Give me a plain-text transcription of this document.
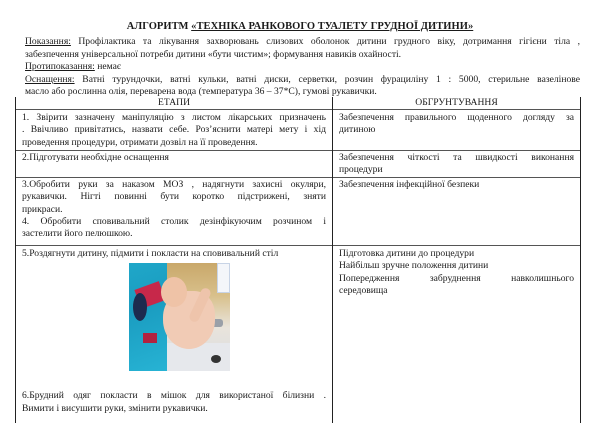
АЛГОРИТМ «ТЕХНІКА РАНКОВОГО ТУАЛЕТУ ГРУДНОЇ ДИТИНИ»
Показання: Профілактика та лікування захворювань слизових оболонок дитини грудного віку, дотримання гігієни тіла ,
забезпечення універсальної потреби дитини «бути чистим»; формування навиків охайності.
Протипоказання: немає
Оснащення: Ватні турундочки, ватні кульки, ватні диски, серветки, розчин фурациліну 1 : 5000, стерильне вазелінове
масло або рослинна олія, переварена вода (температура 36 – 37*С), гумові рукавички.
ЕТАПИ	ОБГРУНТУВАННЯ

1. Звірити зазначену маніпуляцію з листом лікарських призначень
. Ввічливо привітатись, назвати себе. Роз’яснити матері мету і хід
проведення процедури, отримати дозвіл на її проведення.	Забезпечення правильного щоденного догляду за
дитиною

2.Підготувати необхідне оснащення	Забезпечення чіткості та швидкості виконання
процедури

3.Обробити руки за наказом МОЗ , надягнути захисні окуляри,
рукавички. Нігті повинні бути коротко підстрижені, зняти
прикраси.
4. Обробити сповивальний столик дезінфікуючим розчином і
застелити його пелюшкою.	Забезпечення інфекційної безпеки

5.Роздягнути дитину, підмити і покласти на сповивальний стіл
6.Брудний одяг покласти в мішок для використаної білизни .
Вимити і висушити руки, змінити рукавички.	Підготовка дитини до процедури
Найбільш зручне положення дитини
Попередження забруднення навколишнього
середовища
